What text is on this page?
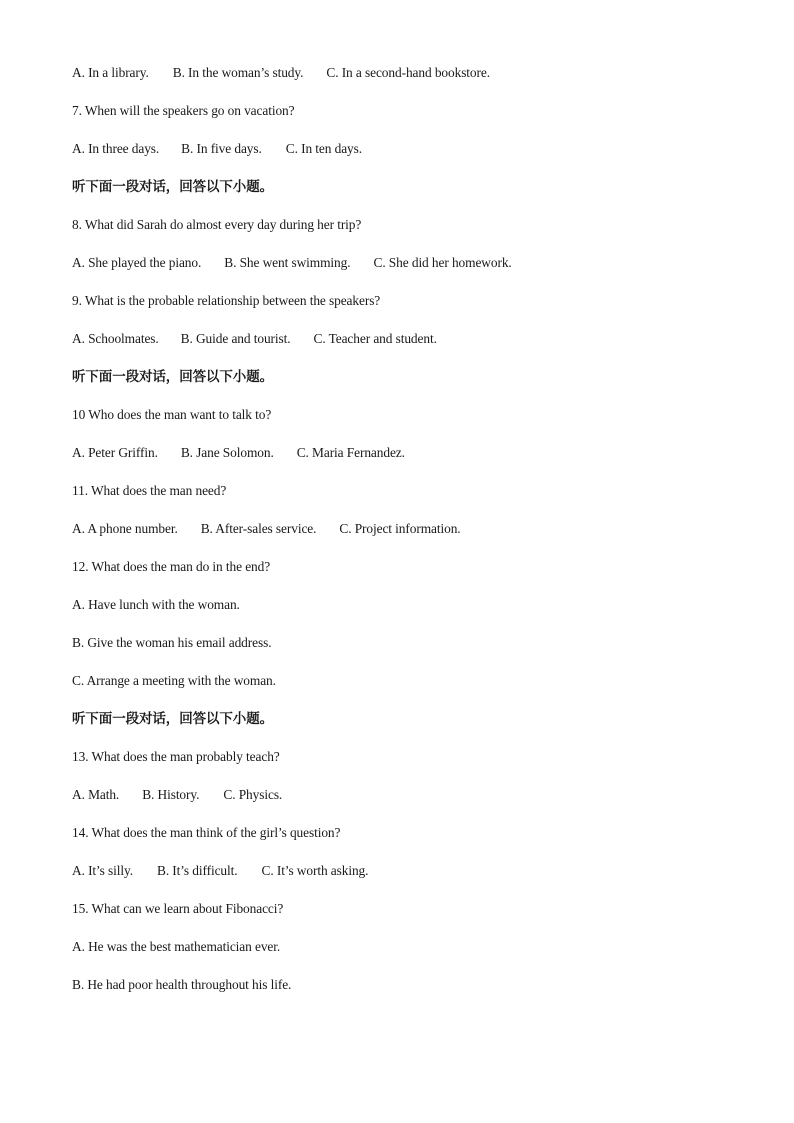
A. In a library. B. In the woman’s study. C. In a second-hand bookstore.
7. When will the speakers go on vacation?
A. In three days. B. In five days. C. In ten days.
听下面一段对话，回答以下小题。
8. What did Sarah do almost every day during her trip?
A. She played the piano. B. She went swimming. C. She did her homework.
9. What is the probable relationship between the speakers?
A. Schoolmates. B. Guide and tourist. C. Teacher and student.
听下面一段对话，回答以下小题。
10 Who does the man want to talk to?
A. Peter Griffin. B. Jane Solomon. C. Maria Fernandez.
11. What does the man need?
A. A phone number. B. After-sales service. C. Project information.
12. What does the man do in the end?
A. Have lunch with the woman.
B. Give the woman his email address.
C. Arrange a meeting with the woman.
听下面一段对话，回答以下小题。
13. What does the man probably teach?
A. Math. B. History. C. Physics.
14. What does the man think of the girl’s question?
A. It’s silly. B. It’s difficult. C. It’s worth asking.
15. What can we learn about Fibonacci?
A. He was the best mathematician ever.
B. He had poor health throughout his life.
